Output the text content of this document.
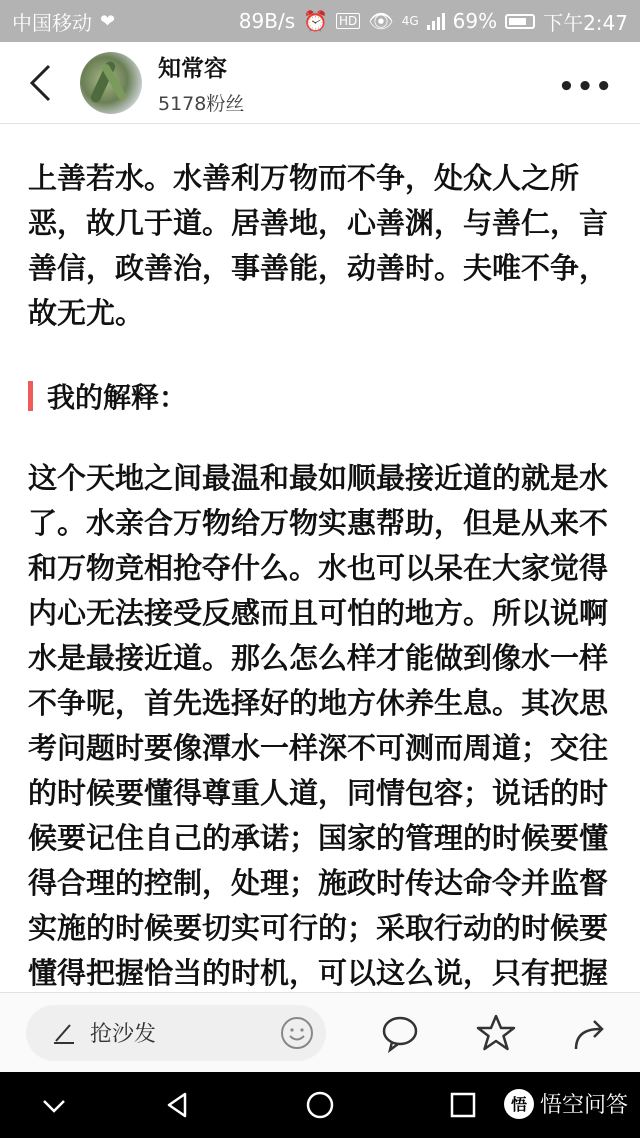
中国移动 ❤	89B/s ⏰ HD 👁 4G 69% 下午2:47
知常容
5178粉丝
•••

上善若水。水善利万物而不争，处众人之所恶，故几于道。居善地，心善渊，与善仁，言善信，政善治，事善能，动善时。夫唯不争，故无尤。

我的解释：

这个天地之间最温和最如顺最接近道的就是水了。水亲合万物给万物实惠帮助，但是从来不和万物竞相抢夺什么。水也可以呆在大家觉得内心无法接受反感而且可怕的地方。所以说啊水是最接近道。那么怎么样才能做到像水一样不争呢，首先选择好的地方休养生息。其次思考问题时要像潭水一样深不可测而周道；交往的时候要懂得尊重人道，同情包容；说话的时候要记住自己的承诺；国家的管理的时候要懂得合理的控制，处理；施政时传达命令并监督实施的时候要切实可行的；采取行动的时候要懂得把握恰当的时机，可以这么说，只有把握

抢沙发
悟 悟空问答
